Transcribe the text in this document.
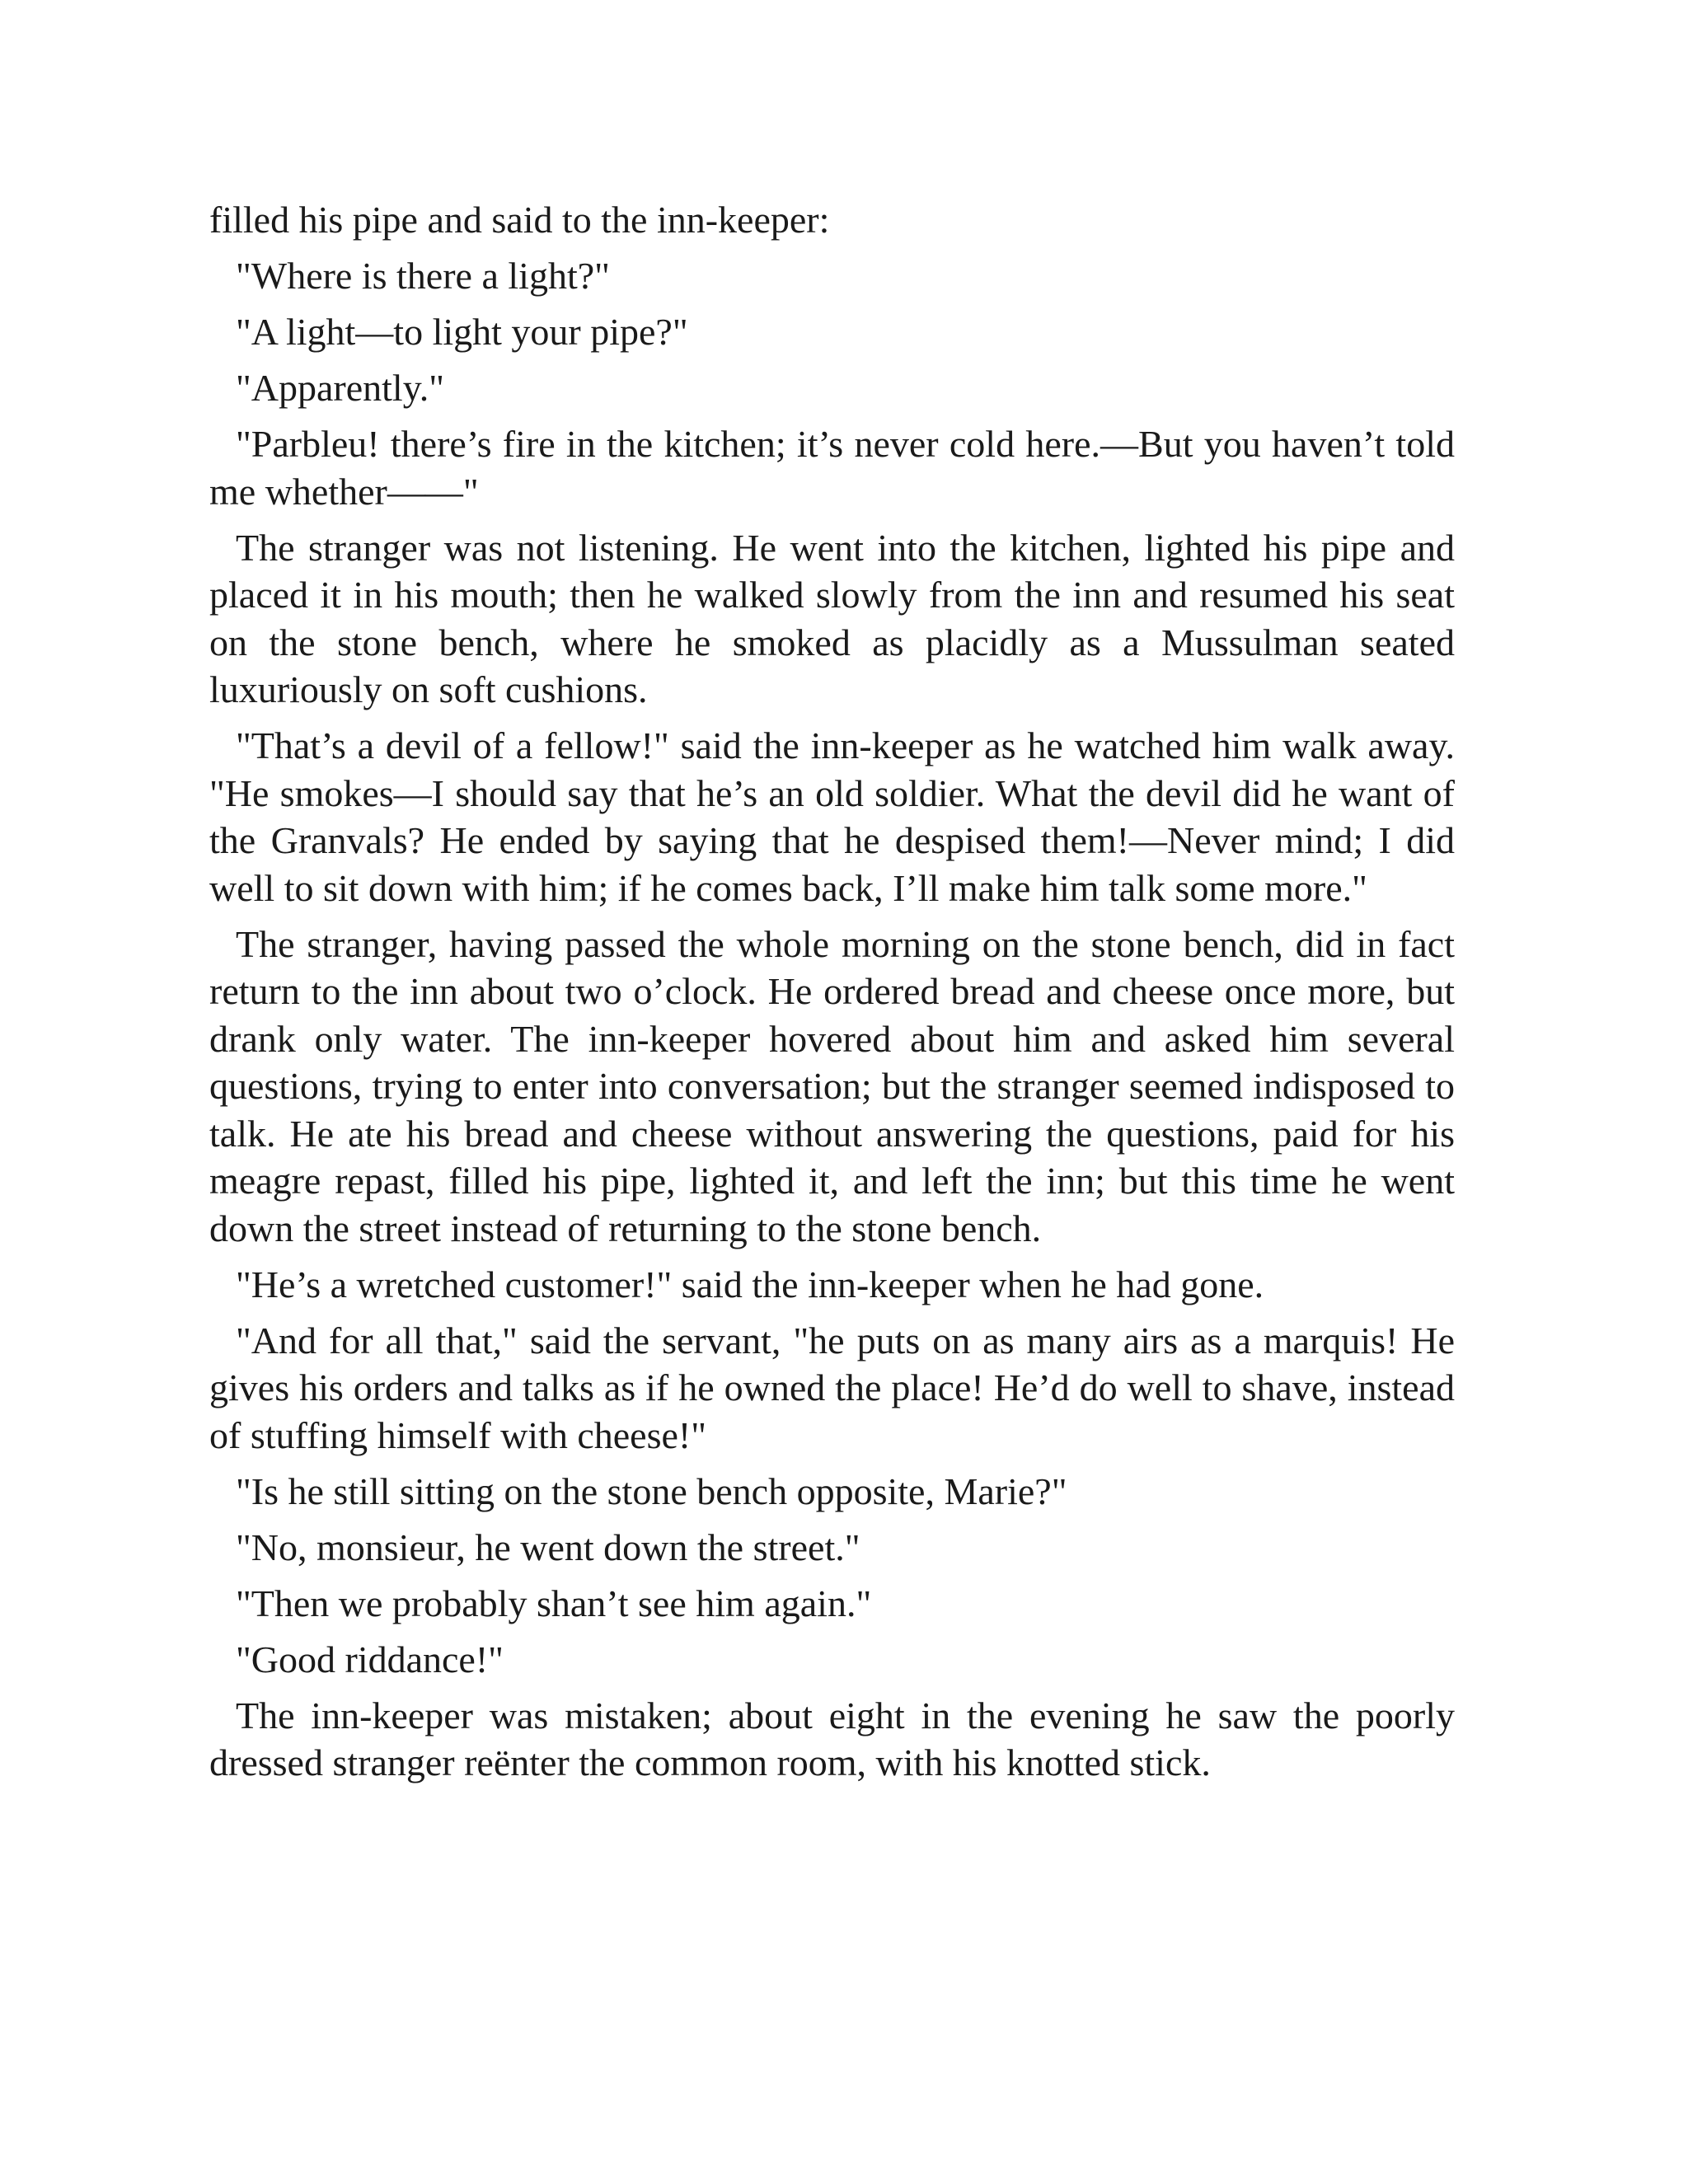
filled his pipe and said to the inn-keeper:

"Where is there a light?"

"A light—to light your pipe?"

"Apparently."

"Parbleu! there’s fire in the kitchen; it’s never cold here.—But you haven’t told me whether——"

The stranger was not listening. He went into the kitchen, lighted his pipe and placed it in his mouth; then he walked slowly from the inn and resumed his seat on the stone bench, where he smoked as placidly as a Mussulman seated luxuriously on soft cushions.

"That’s a devil of a fellow!" said the inn-keeper as he watched him walk away. "He smokes—I should say that he’s an old soldier. What the devil did he want of the Granvals? He ended by saying that he despised them!—Never mind; I did well to sit down with him; if he comes back, I’ll make him talk some more."

The stranger, having passed the whole morning on the stone bench, did in fact return to the inn about two o’clock. He ordered bread and cheese once more, but drank only water. The inn-keeper hovered about him and asked him several questions, trying to enter into conversation; but the stranger seemed indisposed to talk. He ate his bread and cheese without answering the questions, paid for his meagre repast, filled his pipe, lighted it, and left the inn; but this time he went down the street instead of returning to the stone bench.

"He’s a wretched customer!" said the inn-keeper when he had gone.

"And for all that," said the servant, "he puts on as many airs as a marquis! He gives his orders and talks as if he owned the place! He’d do well to shave, instead of stuffing himself with cheese!"

"Is he still sitting on the stone bench opposite, Marie?"

"No, monsieur, he went down the street."

"Then we probably shan’t see him again."

"Good riddance!"

The inn-keeper was mistaken; about eight in the evening he saw the poorly dressed stranger reënter the common room, with his knotted stick.
